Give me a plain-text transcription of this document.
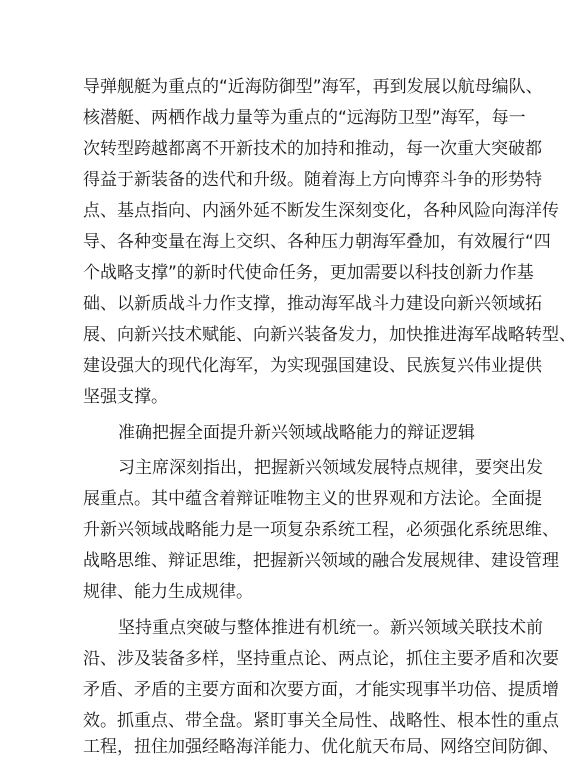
导弹舰艇为重点的“近海防御型”海军，再到发展以航母编队、
核潜艇、两栖作战力量等为重点的“远海防卫型”海军，每一
次转型跨越都离不开新技术的加持和推动，每一次重大突破都
得益于新装备的迭代和升级。随着海上方向博弈斗争的形势特
点、基点指向、内涵外延不断发生深刻变化，各种风险向海洋传
导、各种变量在海上交织、各种压力朝海军叠加，有效履行“四
个战略支撑”的新时代使命任务，更加需要以科技创新力作基
础、以新质战斗力作支撑，推动海军战斗力建设向新兴领域拓
展、向新兴技术赋能、向新兴装备发力，加快推进海军战略转型、
建设强大的现代化海军，为实现强国建设、民族复兴伟业提供
坚强支撑。
准确把握全面提升新兴领域战略能力的辩证逻辑
习主席深刻指出，把握新兴领域发展特点规律，要突出发
展重点。其中蕴含着辩证唯物主义的世界观和方法论。全面提
升新兴领域战略能力是一项复杂系统工程，必须强化系统思维、
战略思维、辩证思维，把握新兴领域的融合发展规律、建设管理
规律、能力生成规律。
坚持重点突破与整体推进有机统一。新兴领域关联技术前
沿、涉及装备多样，坚持重点论、两点论，抓住主要矛盾和次要
矛盾、矛盾的主要方面和次要方面，才能实现事半功倍、提质增
效。抓重点、带全盘。紧盯事关全局性、战略性、根本性的重点
工程，扭住加强经略海洋能力、优化航天布局、网络空间防御、
